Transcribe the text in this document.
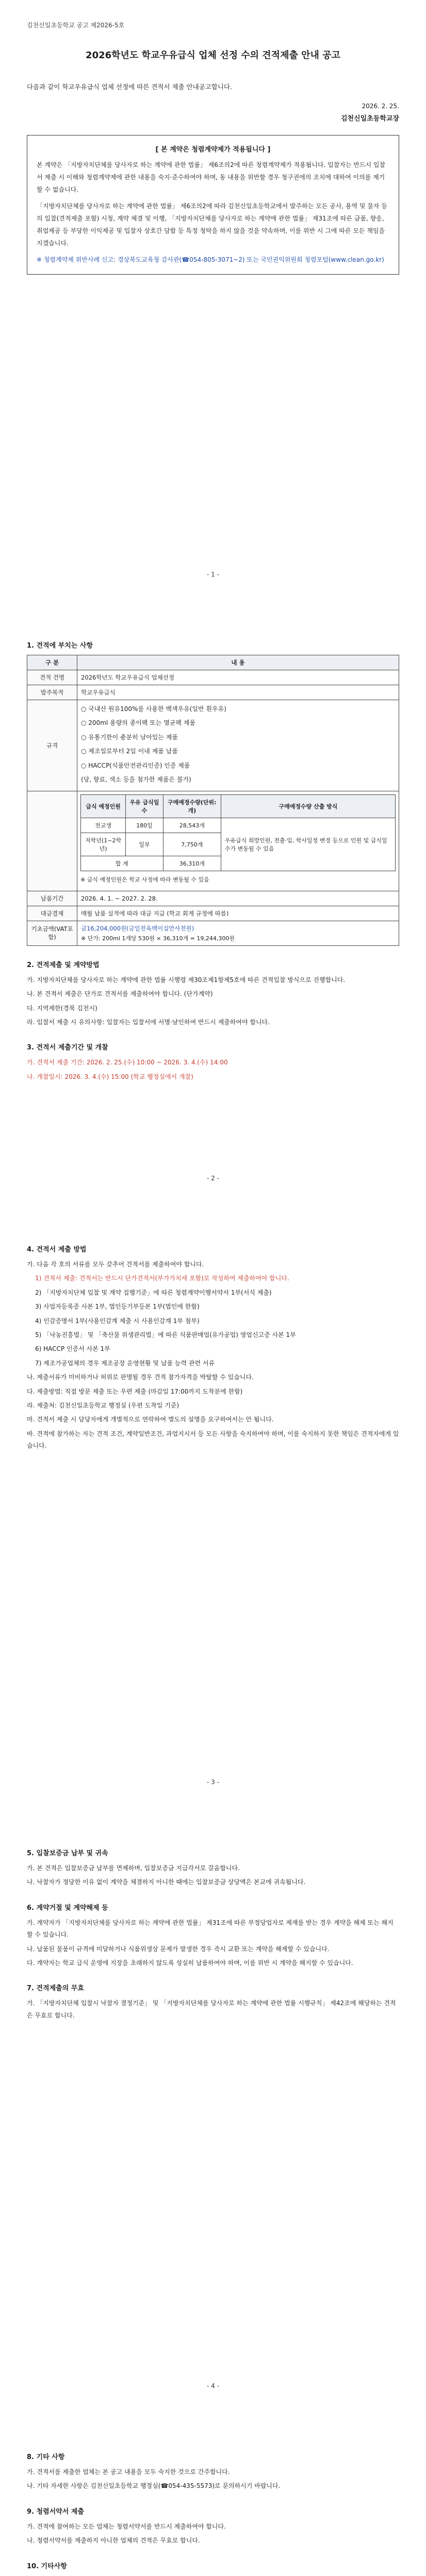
김천신일초등학교 공고 제2026-5호
2026학년도 학교우유급식 업체 선정 수의 견적제출 안내 공고

다음과 같이 학교우유급식 업체 선정에 따른 견적서 제출 안내공고합니다.

2026. 2. 25.
김천신일초등학교장
[ 본 계약은 청렴계약제가 적용됩니다 ]

본 계약은 「지방자치단체를 당사자로 하는 계약에 관한 법률」 제6조의2에 따른 청렴계약제가 적용됩니다. 입찰자는 반드시 입찰서 제출 시 이해와 청렴계약제에 관한 내용을 숙지·준수하여야 하며, 동 내용을 위반할 경우 청구권에의 조치에 대하여 이의를 제기할 수 없습니다.

「지방자치단체를 당사자로 하는 계약에 관한 법률」 제6조의2에 따라 김천신일초등학교에서 발주하는 모든 공사, 용역 및 물자 등의 입찰(견적제출 포함) 시청, 계약 체결 및 이행, 「지방자치단체를 당사자로 하는 계약에 관한 법률」 제31조에 따른 금품, 향응, 취업제공 등 부당한 이익제공 및 입찰자 상호간 담합 등 특정 청탁을 하지 않을 것을 약속하며, 이를 위반 시 그에 따른 모든 책임을 지겠습니다.

※ 청렴계약제 위반사례 신고: 경상북도교육청 감사관(☎054-805-3071~2) 또는 국민권익위원회 청렴포털(www.clean.go.kr)

- 1 -
1. 견적에 부치는 사항
구 분	내 용
견적 건명	2026학년도 학교우유급식 업체선정
발주목적	학교우유급식
규격	
○ 국내산 원유100%를 사용한 백색우유(일반 흰우유)
○ 200ml 용량의 종이팩 또는 멸균팩 제품
○ 유통기한이 충분히 남아있는 제품
○ 제조일로부터 2일 이내 제품 납품
○ HACCP(식품안전관리인증) 인증 제품
(당, 향료, 색소 등을 첨가한 제품은 불가)

급식 예정인원	우유 급식일수	구매예정수량(단위: 개)	구매예정수량 산출 방식
전교생	180일	28,543개	우유급식 희망인원, 전출·입, 학사일정 변경 등으로 인원 및 급식일수가 변동될 수 있음
저학년(1~2학년)	일부	7,750개
합 계	36,310개
※ 급식 예정인원은 학교 사정에 따라 변동될 수 있음

납품기간	2026. 4. 1. ~ 2027. 2. 28.
대금결제	매월 납품 실적에 따라 대금 지급 (학교 회계 규정에 따름)
기초금액(VAT포함)	
금16,204,000원(금일천육백이십만사천원)
※ 단가: 200ml 1개당 530원 × 36,310개 = 19,244,300원
2. 견적제출 및 계약방법
가. 지방자치단체를 당사자로 하는 계약에 관한 법률 시행령 제30조제1항제5호에 따른 견적입찰 방식으로 진행합니다.
나. 본 견적서 제출은 단가로 견적서를 제출하여야 합니다. (단가계약)
다. 지역제한(경북 김천시)
라. 입찰서 제출 시 유의사항: 입찰자는 입찰서에 서명·날인하여 반드시 제출하여야 합니다.
3. 견적서 제출기간 및 개찰
가. 견적서 제출 기간: 2026. 2. 25.(수) 10:00 ~ 2026. 3. 4.(수) 14:00
나. 개찰일시: 2026. 3. 4.(수) 15:00 (학교 행정실에서 개찰)
- 2 -
4. 견적서 제출 방법
가. 다음 각 호의 서류를 모두 갖추어 견적서를 제출하여야 합니다.
1) 견적서 제출: 견적서는 반드시 단가견적서(부가가치세 포함)로 작성하여 제출하여야 합니다.
2) 「지방자치단체 입찰 및 계약 집행기준」에 따른 청렴계약이행서약서 1부(서식 제출)
3) 사업자등록증 사본 1부, 법인등기부등본 1부(법인에 한함)
4) 인감증명서 1부(사용인감계 제출 시 사용인감계 1부 첨부)
5) 「낙농진흥법」 및 「축산물 위생관리법」에 따른 식품판매업(유가공업) 영업신고증 사본 1부
6) HACCP 인증서 사본 1부
7) 제조가공업체의 경우 제조공장 운영현황 및 납품 능력 관련 서류
나. 제출서류가 미비하거나 허위로 판명될 경우 견적 참가자격을 박탈할 수 있습니다.
다. 제출방법: 직접 방문 제출 또는 우편 제출 (마감일 17:00까지 도착분에 한함)
라. 제출처: 김천신일초등학교 행정실 (우편 도착일 기준)
마. 견적서 제출 시 담당자에게 개별적으로 연락하여 별도의 설명을 요구하여서는 안 됩니다.
바. 견적에 참가하는 자는 견적 조건, 계약일반조건, 과업지시서 등 모든 사항을 숙지하여야 하며, 이를 숙지하지 못한 책임은 견적자에게 있습니다.
- 3 -
5. 입찰보증금 납부 및 귀속
가. 본 견적은 입찰보증금 납부를 면제하며, 입찰보증금 지급각서로 갈음합니다.
나. 낙찰자가 정당한 이유 없이 계약을 체결하지 아니한 때에는 입찰보증금 상당액은 본교에 귀속됩니다.
6. 계약거절 및 계약해제 등
가. 계약자가 「지방자치단체를 당사자로 하는 계약에 관한 법률」 제31조에 따른 부정당업자로 제재를 받는 경우 계약을 해제 또는 해지할 수 있습니다.
나. 납품된 물품이 규격에 미달하거나 식품위생상 문제가 발생한 경우 즉시 교환 또는 계약을 해제할 수 있습니다.
다. 계약자는 학교 급식 운영에 지장을 초래하지 않도록 성실히 납품하여야 하며, 이를 위반 시 계약을 해지할 수 있습니다.
7. 견적제출의 무효
가. 「지방자치단체 입찰시 낙찰자 결정기준」 및 「지방자치단체를 당사자로 하는 계약에 관한 법률 시행규칙」 제42조에 해당하는 견적은 무효로 합니다.
- 4 -
8. 기타 사항
가. 견적서를 제출한 업체는 본 공고 내용을 모두 숙지한 것으로 간주합니다.
나. 기타 자세한 사항은 김천신일초등학교 행정실(☎054-435-5573)로 문의하시기 바랍니다.
9. 청렴서약서 제출
가. 견적에 참여하는 모든 업체는 청렴서약서를 반드시 제출하여야 합니다.
나. 청렴서약서를 제출하지 아니한 업체의 견적은 무효로 합니다.
10. 기타사항
